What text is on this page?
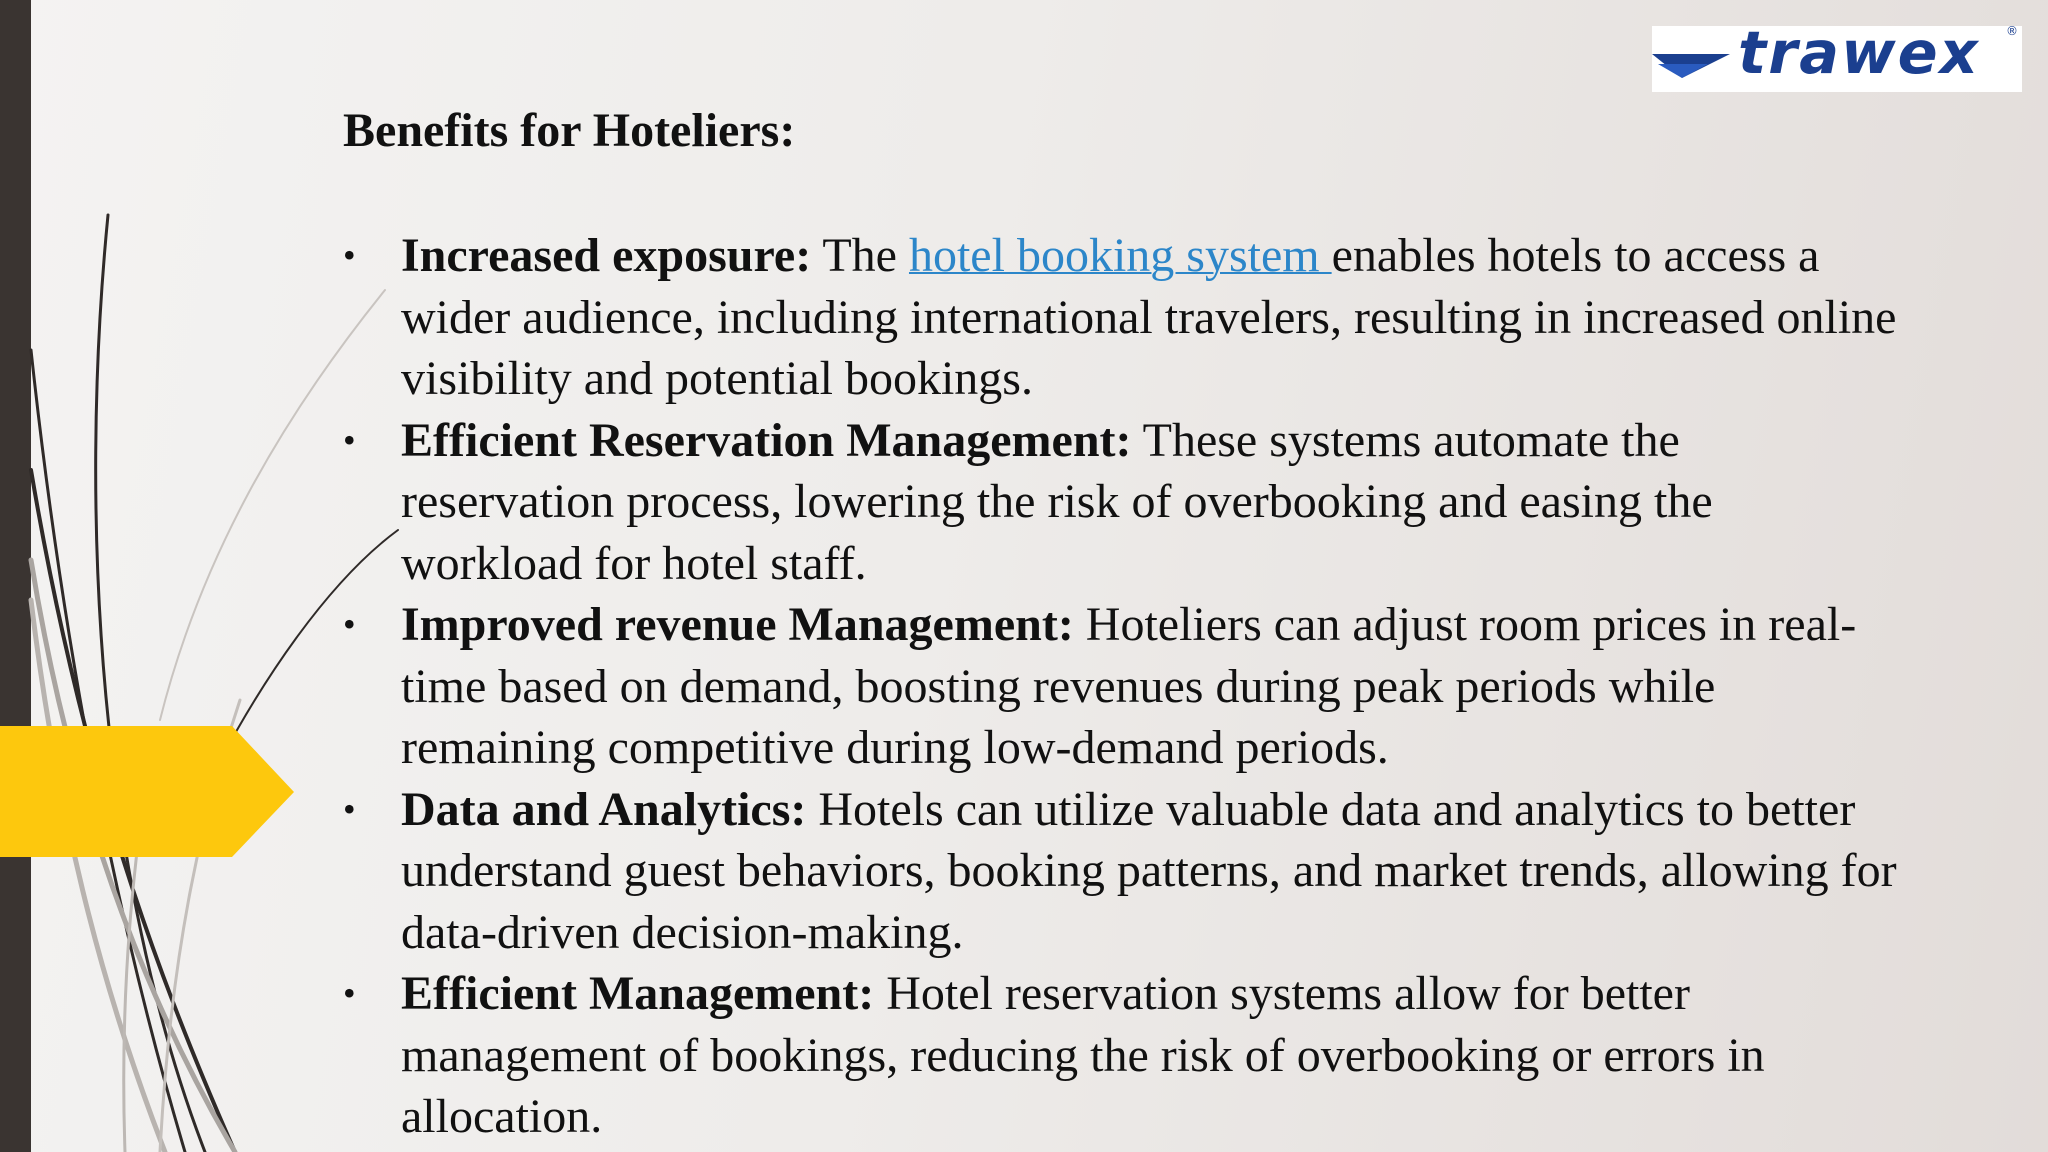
trawex ®
Benefits for Hoteliers:
• Increased exposure: The hotel booking system enables hotels to access a wider audience, including international travelers, resulting in increased online visibility and potential bookings.
• Efficient Reservation Management: These systems automate the reservation process, lowering the risk of overbooking and easing the workload for hotel staff.
• Improved revenue Management: Hoteliers can adjust room prices in real-time based on demand, boosting revenues during peak periods while remaining competitive during low-demand periods.
• Data and Analytics: Hotels can utilize valuable data and analytics to better understand guest behaviors, booking patterns, and market trends, allowing for data-driven decision-making.
• Efficient Management: Hotel reservation systems allow for better management of bookings, reducing the risk of overbooking or errors in allocation.
